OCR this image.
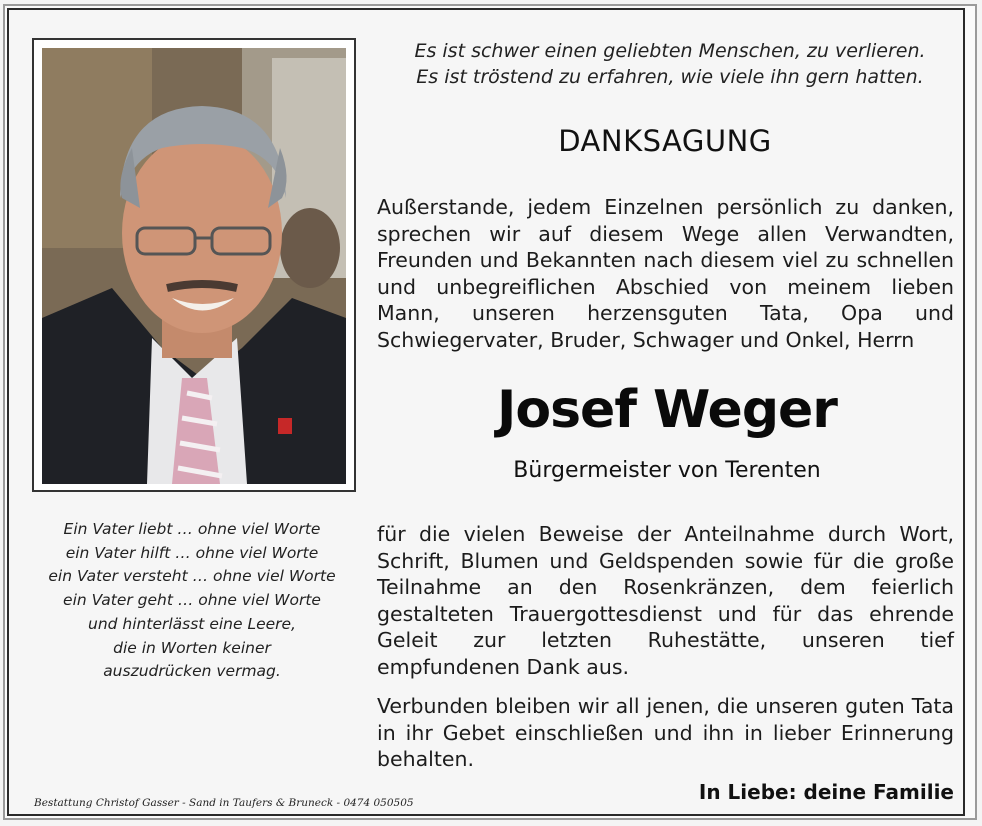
Es ist schwer einen geliebten Menschen, zu verlieren.
Es ist tröstend zu erfahren, wie viele ihn gern hatten.
DANKSAGUNG
Außerstande, jedem Einzelnen persönlich zu danken, sprechen wir auf diesem Wege allen Verwandten, Freunden und Bekannten nach diesem viel zu schnellen und unbegreiflichen Abschied von meinem lieben Mann, unseren herzensguten Tata, Opa und Schwiegervater, Bruder, Schwager und Onkel, Herrn
Josef Weger
Bürgermeister von Terenten
für die vielen Beweise der Anteilnahme durch Wort, Schrift, Blumen und Geldspenden sowie für die große Teilnahme an den Rosenkränzen, dem feierlich gestalteten Trauergottesdienst und für das ehrende Geleit zur letzten Ruhestätte, unseren tief empfundenen Dank aus.
Verbunden bleiben wir all jenen, die unseren guten Tata in ihr Gebet einschließen und ihn in lieber Erinnerung behalten.
In Liebe: deine Familie
Ein Vater liebt … ohne viel Worte
ein Vater hilft … ohne viel Worte
ein Vater versteht … ohne viel Worte
ein Vater geht … ohne viel Worte
und hinterlässt eine Leere,
die in Worten keiner
auszudrücken vermag.
Bestattung Christof Gasser - Sand in Taufers & Bruneck - 0474 050505
